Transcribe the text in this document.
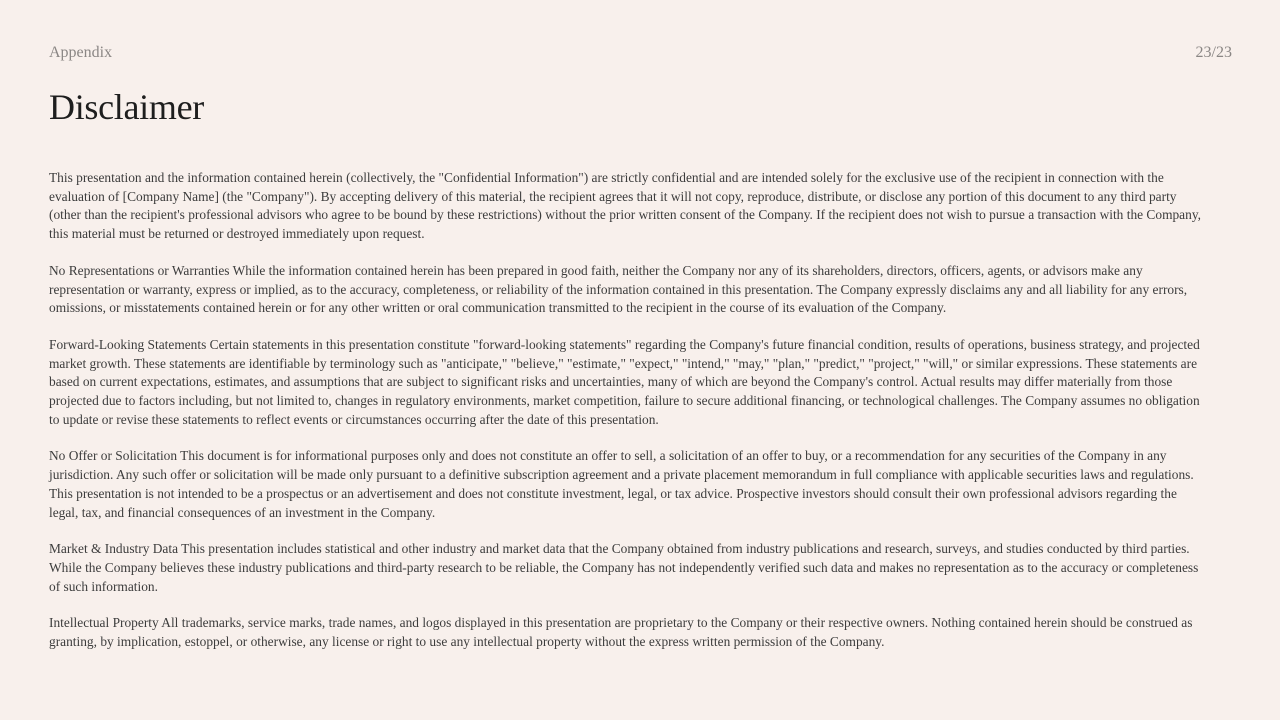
Appendix	23/23
Disclaimer

This presentation and the information contained herein (collectively, the "Confidential Information") are strictly confidential and are intended solely for the exclusive use of the recipient in connection with the evaluation of [Company Name] (the "Company"). By accepting delivery of this material, the recipient agrees that it will not copy, reproduce, distribute, or disclose any portion of this document to any third party (other than the recipient's professional advisors who agree to be bound by these restrictions) without the prior written consent of the Company. If the recipient does not wish to pursue a transaction with the Company, this material must be returned or destroyed immediately upon request.

No Representations or Warranties While the information contained herein has been prepared in good faith, neither the Company nor any of its shareholders, directors, officers, agents, or advisors make any representation or warranty, express or implied, as to the accuracy, completeness, or reliability of the information contained in this presentation. The Company expressly disclaims any and all liability for any errors, omissions, or misstatements contained herein or for any other written or oral communication transmitted to the recipient in the course of its evaluation of the Company.

Forward-Looking Statements Certain statements in this presentation constitute "forward-looking statements" regarding the Company's future financial condition, results of operations, business strategy, and projected market growth. These statements are identifiable by terminology such as "anticipate," "believe," "estimate," "expect," "intend," "may," "plan," "predict," "project," "will," or similar expressions. These statements are based on current expectations, estimates, and assumptions that are subject to significant risks and uncertainties, many of which are beyond the Company's control. Actual results may differ materially from those projected due to factors including, but not limited to, changes in regulatory environments, market competition, failure to secure additional financing, or technological challenges. The Company assumes no obligation to update or revise these statements to reflect events or circumstances occurring after the date of this presentation.

No Offer or Solicitation This document is for informational purposes only and does not constitute an offer to sell, a solicitation of an offer to buy, or a recommendation for any securities of the Company in any jurisdiction. Any such offer or solicitation will be made only pursuant to a definitive subscription agreement and a private placement memorandum in full compliance with applicable securities laws and regulations. This presentation is not intended to be a prospectus or an advertisement and does not constitute investment, legal, or tax advice. Prospective investors should consult their own professional advisors regarding the legal, tax, and financial consequences of an investment in the Company.

Market & Industry Data This presentation includes statistical and other industry and market data that the Company obtained from industry publications and research, surveys, and studies conducted by third parties. While the Company believes these industry publications and third-party research to be reliable, the Company has not independently verified such data and makes no representation as to the accuracy or completeness of such information.

Intellectual Property All trademarks, service marks, trade names, and logos displayed in this presentation are proprietary to the Company or their respective owners. Nothing contained herein should be construed as granting, by implication, estoppel, or otherwise, any license or right to use any intellectual property without the express written permission of the Company.
